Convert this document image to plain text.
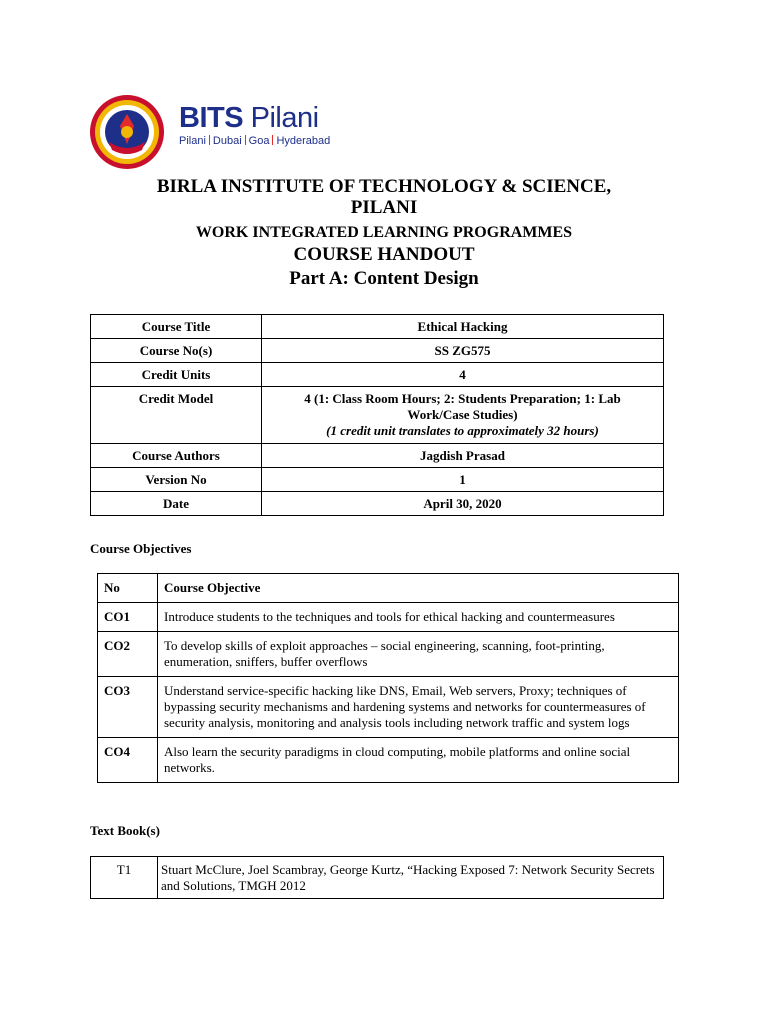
BITS Pilani
Pilani Dubai Goa Hyderabad
BIRLA INSTITUTE OF TECHNOLOGY & SCIENCE,
PILANI
WORK INTEGRATED LEARNING PROGRAMMES
COURSE HANDOUT
Part A: Content Design
Course Title	Ethical Hacking
Course No(s)	SS ZG575
Credit Units	4
Credit Model	4 (1: Class Room Hours; 2: Students Preparation; 1: Lab Work/Case Studies)
(1 credit unit translates to approximately 32 hours)

Course Authors	Jagdish Prasad
Version No	1
Date	April 30, 2020
Course Objectives
No	Course Objective
CO1	Introduce students to the techniques and tools for ethical hacking and countermeasures
CO2	To develop skills of exploit approaches – social engineering, scanning, foot-printing, enumeration, sniffers, buffer overflows
CO3	Understand service-specific hacking like DNS, Email, Web servers, Proxy; techniques of bypassing security mechanisms and hardening systems and networks for countermeasures of security analysis, monitoring and analysis tools including network traffic and system logs
CO4	Also learn the security paradigms in cloud computing, mobile platforms and online social networks.
Text Book(s)
T1	Stuart McClure, Joel Scambray, George Kurtz, “Hacking Exposed 7: Network Security Secrets and Solutions, TMGH 2012
